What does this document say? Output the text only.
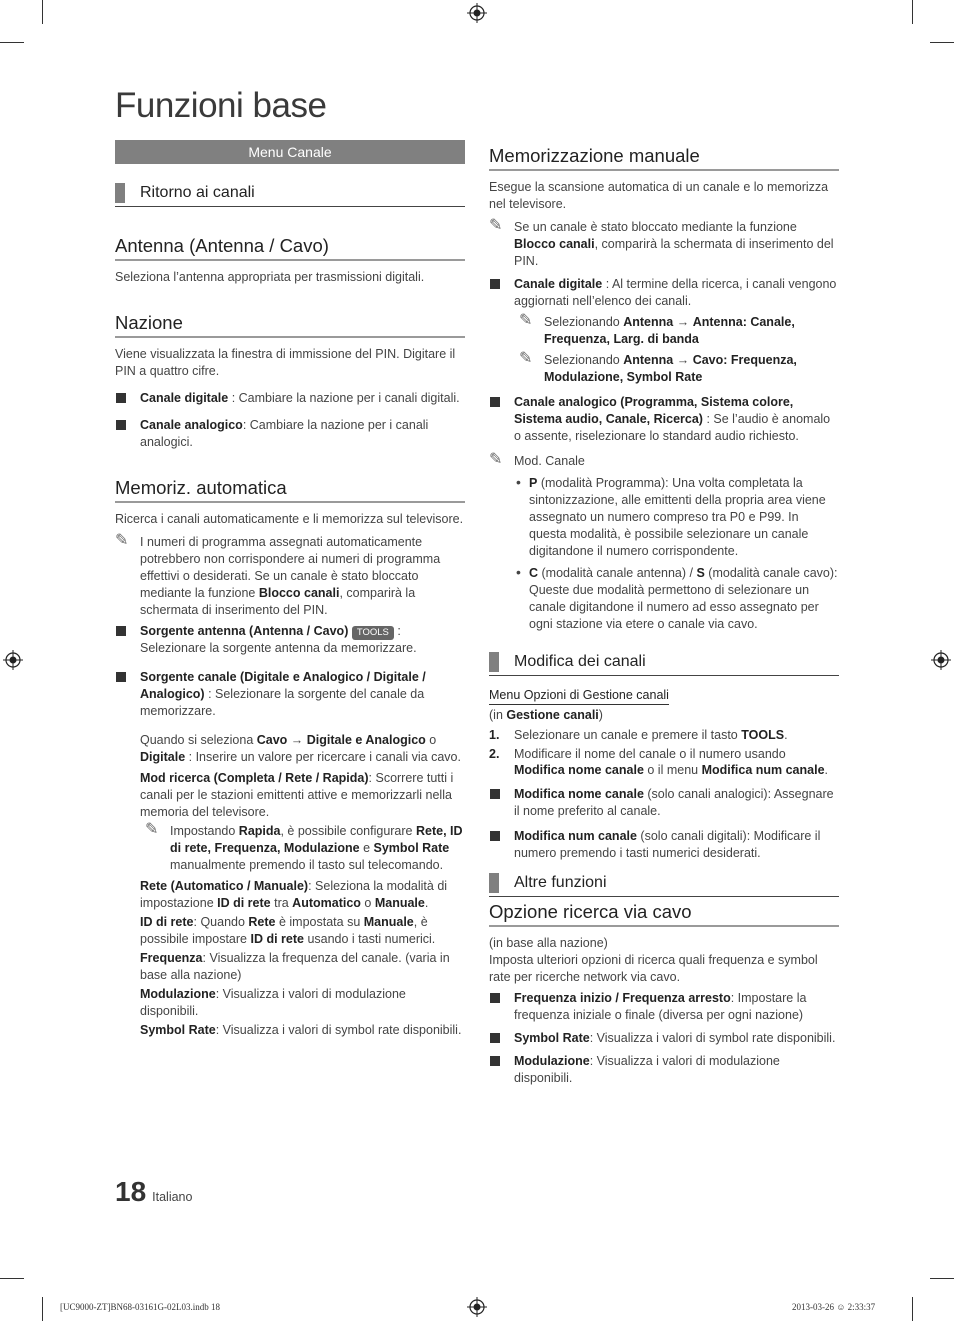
Funzioni base
Menu Canale
Ritorno ai canali
Antenna (Antenna / Cavo)

Seleziona l’antenna appropriata per trasmissioni digitali.

Nazione

Viene visualizzata la finestra di immissione del PIN. Digitare il PIN a quattro cifre.

Canale digitale : Cambiare la nazione per i canali digitali.
Canale analogico: Cambiare la nazione per i canali analogici.
Memoriz. automatica

Ricerca i canali automaticamente e li memorizza sul televisore.

✎ I numeri di programma assegnati automaticamente potrebbero non corrispondere ai numeri di programma effettivi o desiderati. Se un canale è stato bloccato mediante la funzione Blocco canali, comparirà la schermata di inserimento del PIN.
Sorgente antenna (Antenna / Cavo) TOOLS : Selezionare la sorgente antenna da memorizzare.
Sorgente canale (Digitale e Analogico / Digitale / Analogico) : Selezionare la sorgente del canale da memorizzare.
Quando si seleziona Cavo → Digitale e Analogico o Digitale : Inserire un valore per ricercare i canali via cavo.
Mod ricerca (Completa / Rete / Rapida): Scorrere tutti i canali per le stazioni emittenti attive e memorizzarli nella memoria del televisore.
✎ Impostando Rapida, è possibile configurare Rete, ID di rete, Frequenza, Modulazione e Symbol Rate manualmente premendo il tasto sul telecomando.
Rete (Automatico / Manuale): Seleziona la modalità di impostazione ID di rete tra Automatico o Manuale.
ID di rete: Quando Rete è impostata su Manuale, è possibile impostare ID di rete usando i tasti numerici.
Frequenza: Visualizza la frequenza del canale. (varia in base alla nazione)
Modulazione: Visualizza i valori di modulazione disponibili.
Symbol Rate: Visualizza i valori di symbol rate disponibili.
Memorizzazione manuale

Esegue la scansione automatica di un canale e lo memorizza nel televisore.

✎ Se un canale è stato bloccato mediante la funzione Blocco canali, comparirà la schermata di inserimento del PIN.
Canale digitale : Al termine della ricerca, i canali vengono aggiornati nell’elenco dei canali.
✎ Selezionando Antenna → Antenna: Canale, Frequenza, Larg. di banda
✎ Selezionando Antenna → Cavo: Frequenza, Modulazione, Symbol Rate
Canale analogico (Programma, Sistema colore, Sistema audio, Canale, Ricerca) : Se l’audio è anomalo o assente, riselezionare lo standard audio richiesto.
✎ Mod. Canale
• P (modalità Programma): Una volta completata la sintonizzazione, alle emittenti della propria area viene assegnato un numero compreso tra P0 e P99. In questa modalità, è possibile selezionare un canale digitandone il numero corrispondente.
• C (modalità canale antenna) / S (modalità canale cavo): Queste due modalità permettono di selezionare un canale digitandone il numero ad esso assegnato per ogni stazione via etere o canale via cavo.
Modifica dei canali
Menu Opzioni di Gestione canali
(in Gestione canali)
1. Selezionare un canale e premere il tasto TOOLS.
2. Modificare il nome del canale o il numero usando Modifica nome canale o il menu Modifica num canale.
Modifica nome canale (solo canali analogici): Assegnare il nome preferito al canale.
Modifica num canale (solo canali digitali): Modificare il numero premendo i tasti numerici desiderati.
Altre funzioni
Opzione ricerca via cavo

(in base alla nazione)

Imposta ulteriori opzioni di ricerca quali frequenza e symbol rate per ricerche network via cavo.

Frequenza inizio / Frequenza arresto: Impostare la frequenza iniziale o finale (diversa per ogni nazione)
Symbol Rate: Visualizza i valori di symbol rate disponibili.
Modulazione: Visualizza i valori di modulazione disponibili.
18 Italiano
[UC9000-ZT]BN68-03161G-02L03.indb 18	2013-03-26 ☺ 2:33:37
